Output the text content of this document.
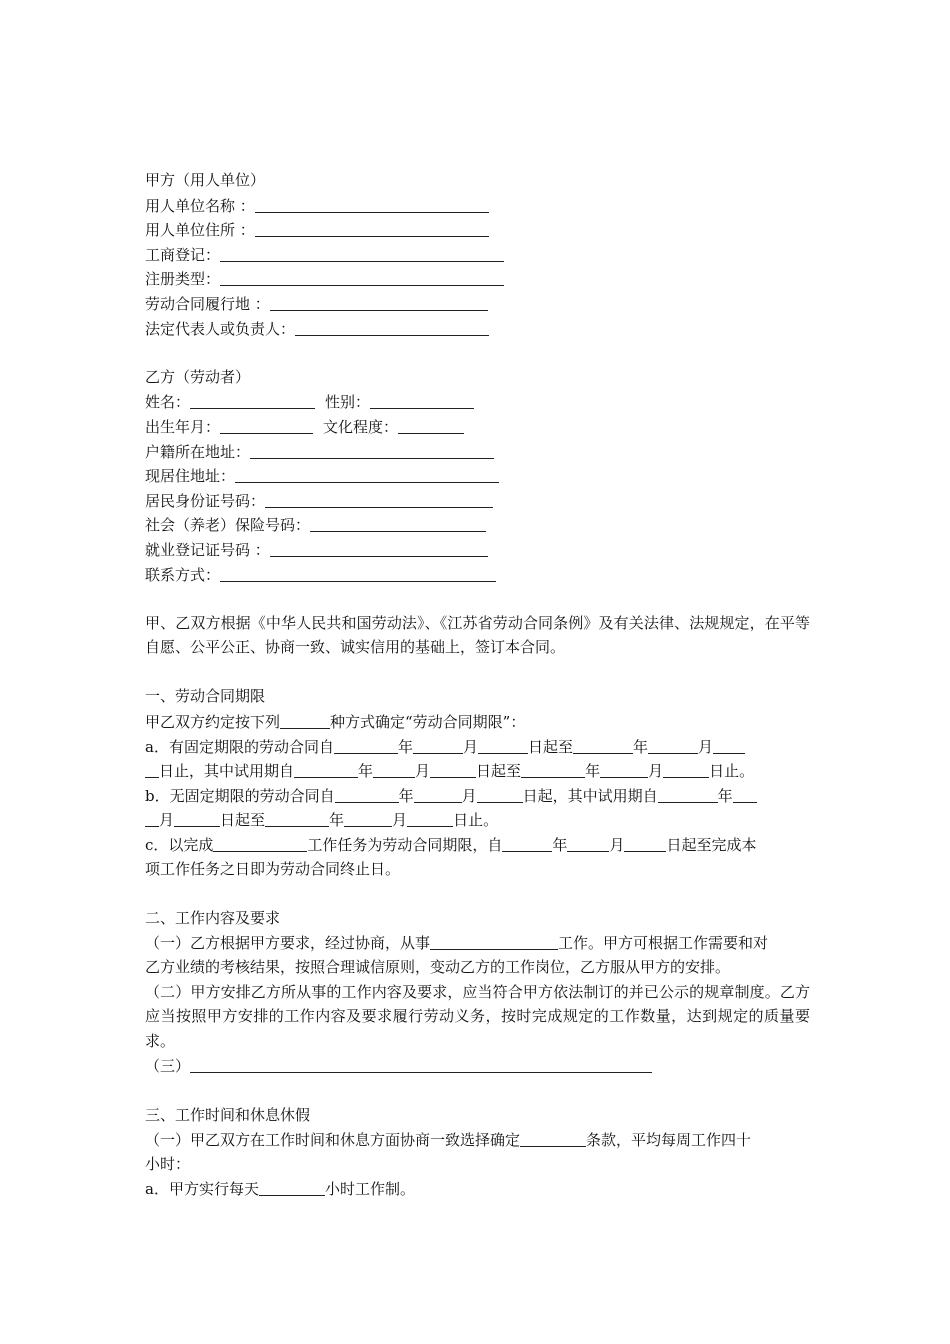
甲方（用人单位）
用人单位名称 ：
用人单位住所 ：
工商登记：
注册类型：
劳动合同履行地 ：
法定代表人或负责人：
乙方（劳动者）
姓名：	性别：
出生年月：	文化程度：
户籍所在地址：
现居住地址：
居民身份证号码：
社会（养老）保险号码：
就业登记证号码 ：
联系方式：
甲、乙双方根据《中华人民共和国劳动法》、《江苏省劳动合同条例》及有关法律、法规规定，在平等自愿、公平公正、协商一致、诚实信用的基础上，签订本合同。
一、劳动合同期限
甲乙双方约定按下列	种方式确定“劳动合同期限”：
a．有固定期限的劳动合同自	年	月	日起至	年	月
日止，其中试用期自	年	月	日起至	年	月	日止。
b．无固定期限的劳动合同自	年	月	日起，其中试用期自	年
月	日起至	年	月	日止。
c．以完成	工作任务为劳动合同期限，自	年	月	日起至完成本
项工作任务之日即为劳动合同终止日。
二、工作内容及要求
（一）乙方根据甲方要求，经过协商，从事	工作。甲方可根据工作需要和对
乙方业绩的考核结果，按照合理诚信原则，变动乙方的工作岗位，乙方服从甲方的安排。
（二）甲方安排乙方所从事的工作内容及要求，应当符合甲方依法制订的并已公示的规章制度。乙方应当按照甲方安排的工作内容及要求履行劳动义务，按时完成规定的工作数量，达到规定的质量要求。
（三）
三、工作时间和休息休假
（一）甲乙双方在工作时间和休息方面协商一致选择确定	条款，平均每周工作四十
小时：
a．甲方实行每天	小时工作制。
